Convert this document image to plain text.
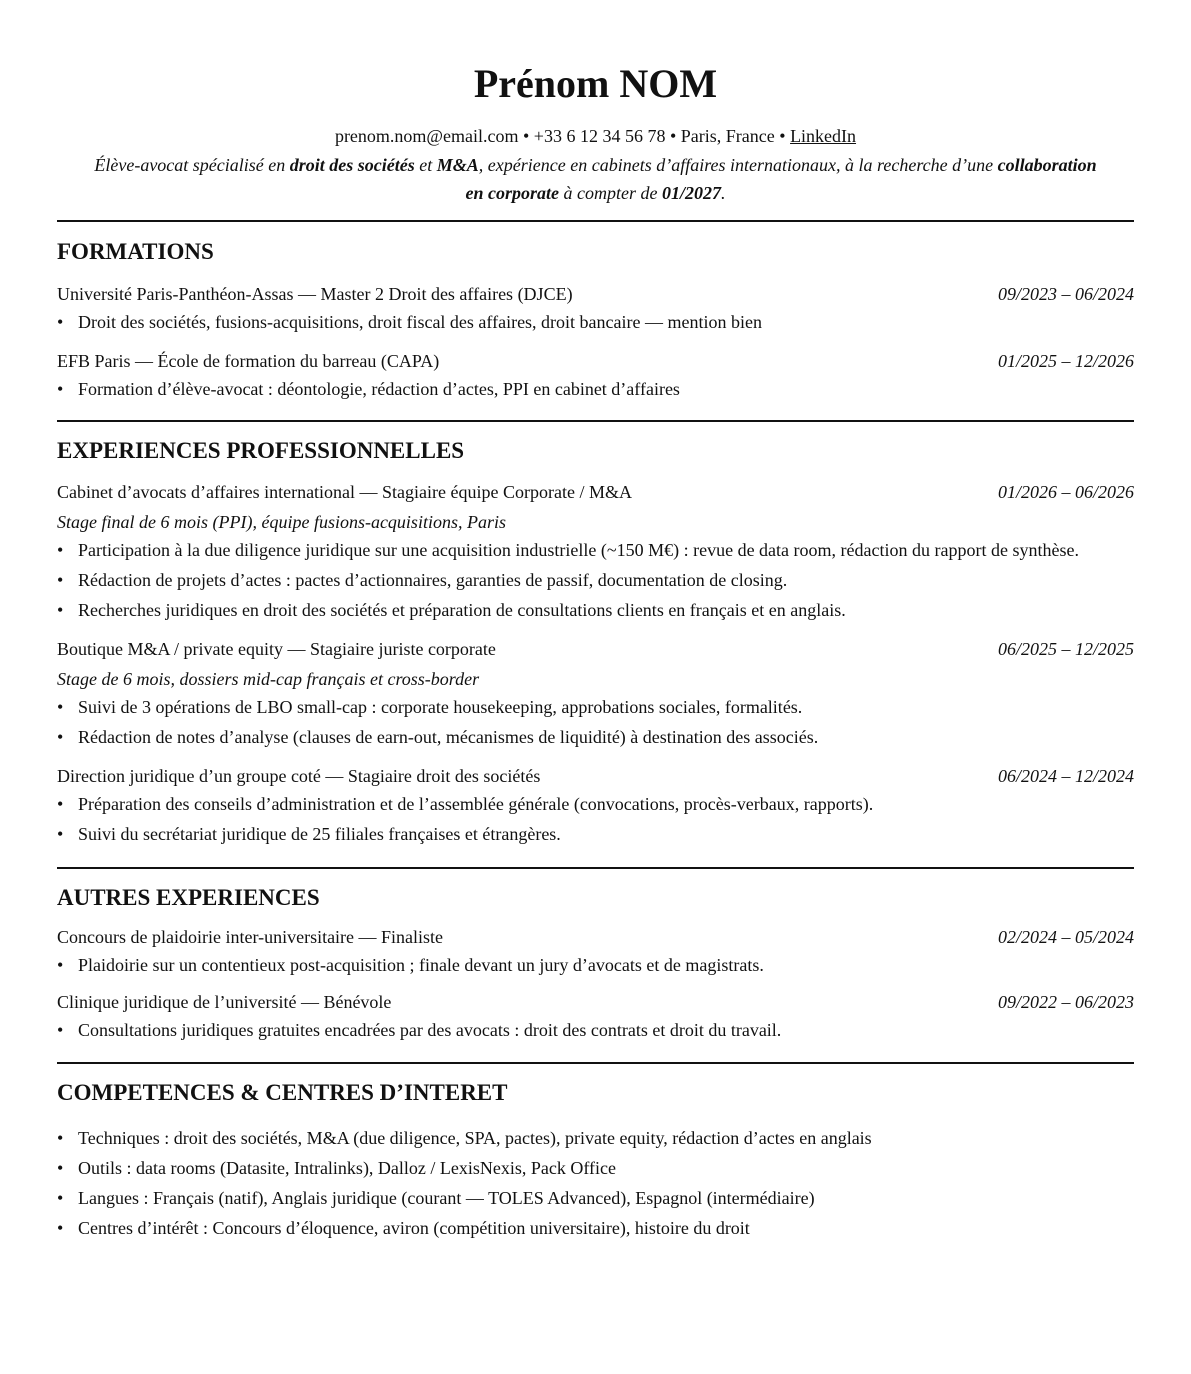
Prénom NOM
prenom.nom@email.com • +33 6 12 34 56 78 • Paris, France • LinkedIn
Élève-avocat spécialisé en droit des sociétés et M&A, expérience en cabinets d’affaires internationaux, à la recherche d’une collaboration en corporate à compter de 01/2027.
FORMATIONS
Université Paris-Panthéon-Assas — Master 2 Droit des affaires (DJCE)	09/2023 – 06/2024
• Droit des sociétés, fusions-acquisitions, droit fiscal des affaires, droit bancaire — mention bien
EFB Paris — École de formation du barreau (CAPA)	01/2025 – 12/2026
• Formation d’élève-avocat : déontologie, rédaction d’actes, PPI en cabinet d’affaires
EXPERIENCES PROFESSIONNELLES
Cabinet d’avocats d’affaires international — Stagiaire équipe Corporate / M&A	01/2026 – 06/2026
Stage final de 6 mois (PPI), équipe fusions-acquisitions, Paris
• Participation à la due diligence juridique sur une acquisition industrielle (~150 M€) : revue de data room, rédaction du rapport de synthèse.
• Rédaction de projets d’actes : pactes d’actionnaires, garanties de passif, documentation de closing.
• Recherches juridiques en droit des sociétés et préparation de consultations clients en français et en anglais.
Boutique M&A / private equity — Stagiaire juriste corporate	06/2025 – 12/2025
Stage de 6 mois, dossiers mid-cap français et cross-border
• Suivi de 3 opérations de LBO small-cap : corporate housekeeping, approbations sociales, formalités.
• Rédaction de notes d’analyse (clauses de earn-out, mécanismes de liquidité) à destination des associés.
Direction juridique d’un groupe coté — Stagiaire droit des sociétés	06/2024 – 12/2024
• Préparation des conseils d’administration et de l’assemblée générale (convocations, procès-verbaux, rapports).
• Suivi du secrétariat juridique de 25 filiales françaises et étrangères.
AUTRES EXPERIENCES
Concours de plaidoirie inter-universitaire — Finaliste	02/2024 – 05/2024
• Plaidoirie sur un contentieux post-acquisition ; finale devant un jury d’avocats et de magistrats.
Clinique juridique de l’université — Bénévole	09/2022 – 06/2023
• Consultations juridiques gratuites encadrées par des avocats : droit des contrats et droit du travail.
COMPETENCES & CENTRES D’INTERET
• Techniques : droit des sociétés, M&A (due diligence, SPA, pactes), private equity, rédaction d’actes en anglais
• Outils : data rooms (Datasite, Intralinks), Dalloz / LexisNexis, Pack Office
• Langues : Français (natif), Anglais juridique (courant — TOLES Advanced), Espagnol (intermédiaire)
• Centres d’intérêt : Concours d’éloquence, aviron (compétition universitaire), histoire du droit
